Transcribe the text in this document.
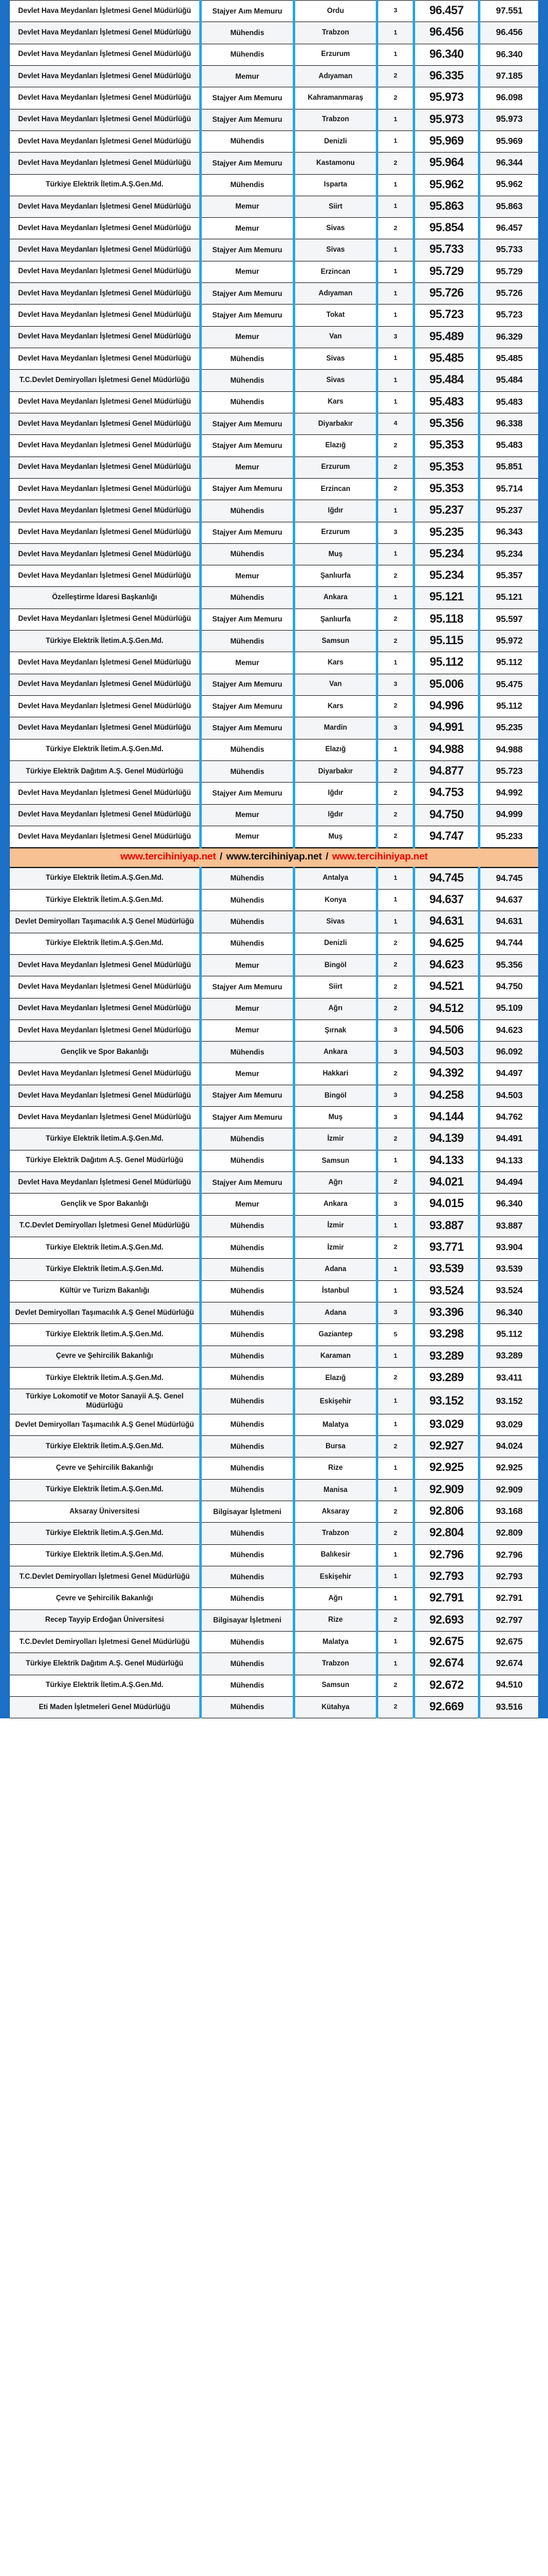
Devlet Hava Meydanları İşletmesi Genel Müdürlüğü	Stajyer Aım Memuru	Ordu	3	96.457	97.551
Devlet Hava Meydanları İşletmesi Genel Müdürlüğü	Mühendis	Trabzon	1	96.456	96.456
Devlet Hava Meydanları İşletmesi Genel Müdürlüğü	Mühendis	Erzurum	1	96.340	96.340
Devlet Hava Meydanları İşletmesi Genel Müdürlüğü	Memur	Adıyaman	2	96.335	97.185
Devlet Hava Meydanları İşletmesi Genel Müdürlüğü	Stajyer Aım Memuru	Kahramanmaraş	2	95.973	96.098
Devlet Hava Meydanları İşletmesi Genel Müdürlüğü	Stajyer Aım Memuru	Trabzon	1	95.973	95.973
Devlet Hava Meydanları İşletmesi Genel Müdürlüğü	Mühendis	Denizli	1	95.969	95.969
Devlet Hava Meydanları İşletmesi Genel Müdürlüğü	Stajyer Aım Memuru	Kastamonu	2	95.964	96.344
Türkiye Elektrik İletim.A.Ş.Gen.Md.	Mühendis	Isparta	1	95.962	95.962
Devlet Hava Meydanları İşletmesi Genel Müdürlüğü	Memur	Siirt	1	95.863	95.863
Devlet Hava Meydanları İşletmesi Genel Müdürlüğü	Memur	Sivas	2	95.854	96.457
Devlet Hava Meydanları İşletmesi Genel Müdürlüğü	Stajyer Aım Memuru	Sivas	1	95.733	95.733
Devlet Hava Meydanları İşletmesi Genel Müdürlüğü	Memur	Erzincan	1	95.729	95.729
Devlet Hava Meydanları İşletmesi Genel Müdürlüğü	Stajyer Aım Memuru	Adıyaman	1	95.726	95.726
Devlet Hava Meydanları İşletmesi Genel Müdürlüğü	Stajyer Aım Memuru	Tokat	1	95.723	95.723
Devlet Hava Meydanları İşletmesi Genel Müdürlüğü	Memur	Van	3	95.489	96.329
Devlet Hava Meydanları İşletmesi Genel Müdürlüğü	Mühendis	Sivas	1	95.485	95.485
T.C.Devlet Demiryolları İşletmesi Genel Müdürlüğü	Mühendis	Sivas	1	95.484	95.484
Devlet Hava Meydanları İşletmesi Genel Müdürlüğü	Mühendis	Kars	1	95.483	95.483
Devlet Hava Meydanları İşletmesi Genel Müdürlüğü	Stajyer Aım Memuru	Diyarbakır	4	95.356	96.338
Devlet Hava Meydanları İşletmesi Genel Müdürlüğü	Stajyer Aım Memuru	Elazığ	2	95.353	95.483
Devlet Hava Meydanları İşletmesi Genel Müdürlüğü	Memur	Erzurum	2	95.353	95.851
Devlet Hava Meydanları İşletmesi Genel Müdürlüğü	Stajyer Aım Memuru	Erzincan	2	95.353	95.714
Devlet Hava Meydanları İşletmesi Genel Müdürlüğü	Mühendis	Iğdır	1	95.237	95.237
Devlet Hava Meydanları İşletmesi Genel Müdürlüğü	Stajyer Aım Memuru	Erzurum	3	95.235	96.343
Devlet Hava Meydanları İşletmesi Genel Müdürlüğü	Mühendis	Muş	1	95.234	95.234
Devlet Hava Meydanları İşletmesi Genel Müdürlüğü	Memur	Şanlıurfa	2	95.234	95.357
Özelleştirme İdaresi Başkanlığı	Mühendis	Ankara	1	95.121	95.121
Devlet Hava Meydanları İşletmesi Genel Müdürlüğü	Stajyer Aım Memuru	Şanlıurfa	2	95.118	95.597
Türkiye Elektrik İletim.A.Ş.Gen.Md.	Mühendis	Samsun	2	95.115	95.972
Devlet Hava Meydanları İşletmesi Genel Müdürlüğü	Memur	Kars	1	95.112	95.112
Devlet Hava Meydanları İşletmesi Genel Müdürlüğü	Stajyer Aım Memuru	Van	3	95.006	95.475
Devlet Hava Meydanları İşletmesi Genel Müdürlüğü	Stajyer Aım Memuru	Kars	2	94.996	95.112
Devlet Hava Meydanları İşletmesi Genel Müdürlüğü	Stajyer Aım Memuru	Mardin	3	94.991	95.235
Türkiye Elektrik İletim.A.Ş.Gen.Md.	Mühendis	Elazığ	1	94.988	94.988
Türkiye Elektrik Dağıtım A.Ş. Genel Müdürlüğü	Mühendis	Diyarbakır	2	94.877	95.723
Devlet Hava Meydanları İşletmesi Genel Müdürlüğü	Stajyer Aım Memuru	Iğdır	2	94.753	94.992
Devlet Hava Meydanları İşletmesi Genel Müdürlüğü	Memur	Iğdır	2	94.750	94.999
Devlet Hava Meydanları İşletmesi Genel Müdürlüğü	Memur	Muş	2	94.747	95.233
www.tercihiniyap.net / www.tercihiniyap.net / www.tercihiniyap.net					
Türkiye Elektrik İletim.A.Ş.Gen.Md.	Mühendis	Antalya	1	94.745	94.745
Türkiye Elektrik İletim.A.Ş.Gen.Md.	Mühendis	Konya	1	94.637	94.637
Devlet Demiryolları Taşımacılık A.Ş Genel Müdürlüğü	Mühendis	Sivas	1	94.631	94.631
Türkiye Elektrik İletim.A.Ş.Gen.Md.	Mühendis	Denizli	2	94.625	94.744
Devlet Hava Meydanları İşletmesi Genel Müdürlüğü	Memur	Bingöl	2	94.623	95.356
Devlet Hava Meydanları İşletmesi Genel Müdürlüğü	Stajyer Aım Memuru	Siirt	2	94.521	94.750
Devlet Hava Meydanları İşletmesi Genel Müdürlüğü	Memur	Ağrı	2	94.512	95.109
Devlet Hava Meydanları İşletmesi Genel Müdürlüğü	Memur	Şırnak	3	94.506	94.623
Gençlik ve Spor Bakanlığı	Mühendis	Ankara	3	94.503	96.092
Devlet Hava Meydanları İşletmesi Genel Müdürlüğü	Memur	Hakkari	2	94.392	94.497
Devlet Hava Meydanları İşletmesi Genel Müdürlüğü	Stajyer Aım Memuru	Bingöl	3	94.258	94.503
Devlet Hava Meydanları İşletmesi Genel Müdürlüğü	Stajyer Aım Memuru	Muş	3	94.144	94.762
Türkiye Elektrik İletim.A.Ş.Gen.Md.	Mühendis	İzmir	2	94.139	94.491
Türkiye Elektrik Dağıtım A.Ş. Genel Müdürlüğü	Mühendis	Samsun	1	94.133	94.133
Devlet Hava Meydanları İşletmesi Genel Müdürlüğü	Stajyer Aım Memuru	Ağrı	2	94.021	94.494
Gençlik ve Spor Bakanlığı	Memur	Ankara	3	94.015	96.340
T.C.Devlet Demiryolları İşletmesi Genel Müdürlüğü	Mühendis	İzmir	1	93.887	93.887
Türkiye Elektrik İletim.A.Ş.Gen.Md.	Mühendis	İzmir	2	93.771	93.904
Türkiye Elektrik İletim.A.Ş.Gen.Md.	Mühendis	Adana	1	93.539	93.539
Kültür ve Turizm Bakanlığı	Mühendis	İstanbul	1	93.524	93.524
Devlet Demiryolları Taşımacılık A.Ş Genel Müdürlüğü	Mühendis	Adana	3	93.396	96.340
Türkiye Elektrik İletim.A.Ş.Gen.Md.	Mühendis	Gaziantep	5	93.298	95.112
Çevre ve Şehircilik Bakanlığı	Mühendis	Karaman	1	93.289	93.289
Türkiye Elektrik İletim.A.Ş.Gen.Md.	Mühendis	Elazığ	2	93.289	93.411
Türkiye Lokomotif ve Motor Sanayii A.Ş. Genel Müdürlüğü	Mühendis	Eskişehir	1	93.152	93.152
Devlet Demiryolları Taşımacılık A.Ş Genel Müdürlüğü	Mühendis	Malatya	1	93.029	93.029
Türkiye Elektrik İletim.A.Ş.Gen.Md.	Mühendis	Bursa	2	92.927	94.024
Çevre ve Şehircilik Bakanlığı	Mühendis	Rize	1	92.925	92.925
Türkiye Elektrik İletim.A.Ş.Gen.Md.	Mühendis	Manisa	1	92.909	92.909
Aksaray Üniversitesi	Bilgisayar İşletmeni	Aksaray	2	92.806	93.168
Türkiye Elektrik İletim.A.Ş.Gen.Md.	Mühendis	Trabzon	2	92.804	92.809
Türkiye Elektrik İletim.A.Ş.Gen.Md.	Mühendis	Balıkesir	1	92.796	92.796
T.C.Devlet Demiryolları İşletmesi Genel Müdürlüğü	Mühendis	Eskişehir	1	92.793	92.793
Çevre ve Şehircilik Bakanlığı	Mühendis	Ağrı	1	92.791	92.791
Recep Tayyip Erdoğan Üniversitesi	Bilgisayar İşletmeni	Rize	2	92.693	92.797
T.C.Devlet Demiryolları İşletmesi Genel Müdürlüğü	Mühendis	Malatya	1	92.675	92.675
Türkiye Elektrik Dağıtım A.Ş. Genel Müdürlüğü	Mühendis	Trabzon	1	92.674	92.674
Türkiye Elektrik İletim.A.Ş.Gen.Md.	Mühendis	Samsun	2	92.672	94.510
Eti Maden İşletmeleri Genel Müdürlüğü	Mühendis	Kütahya	2	92.669	93.516
